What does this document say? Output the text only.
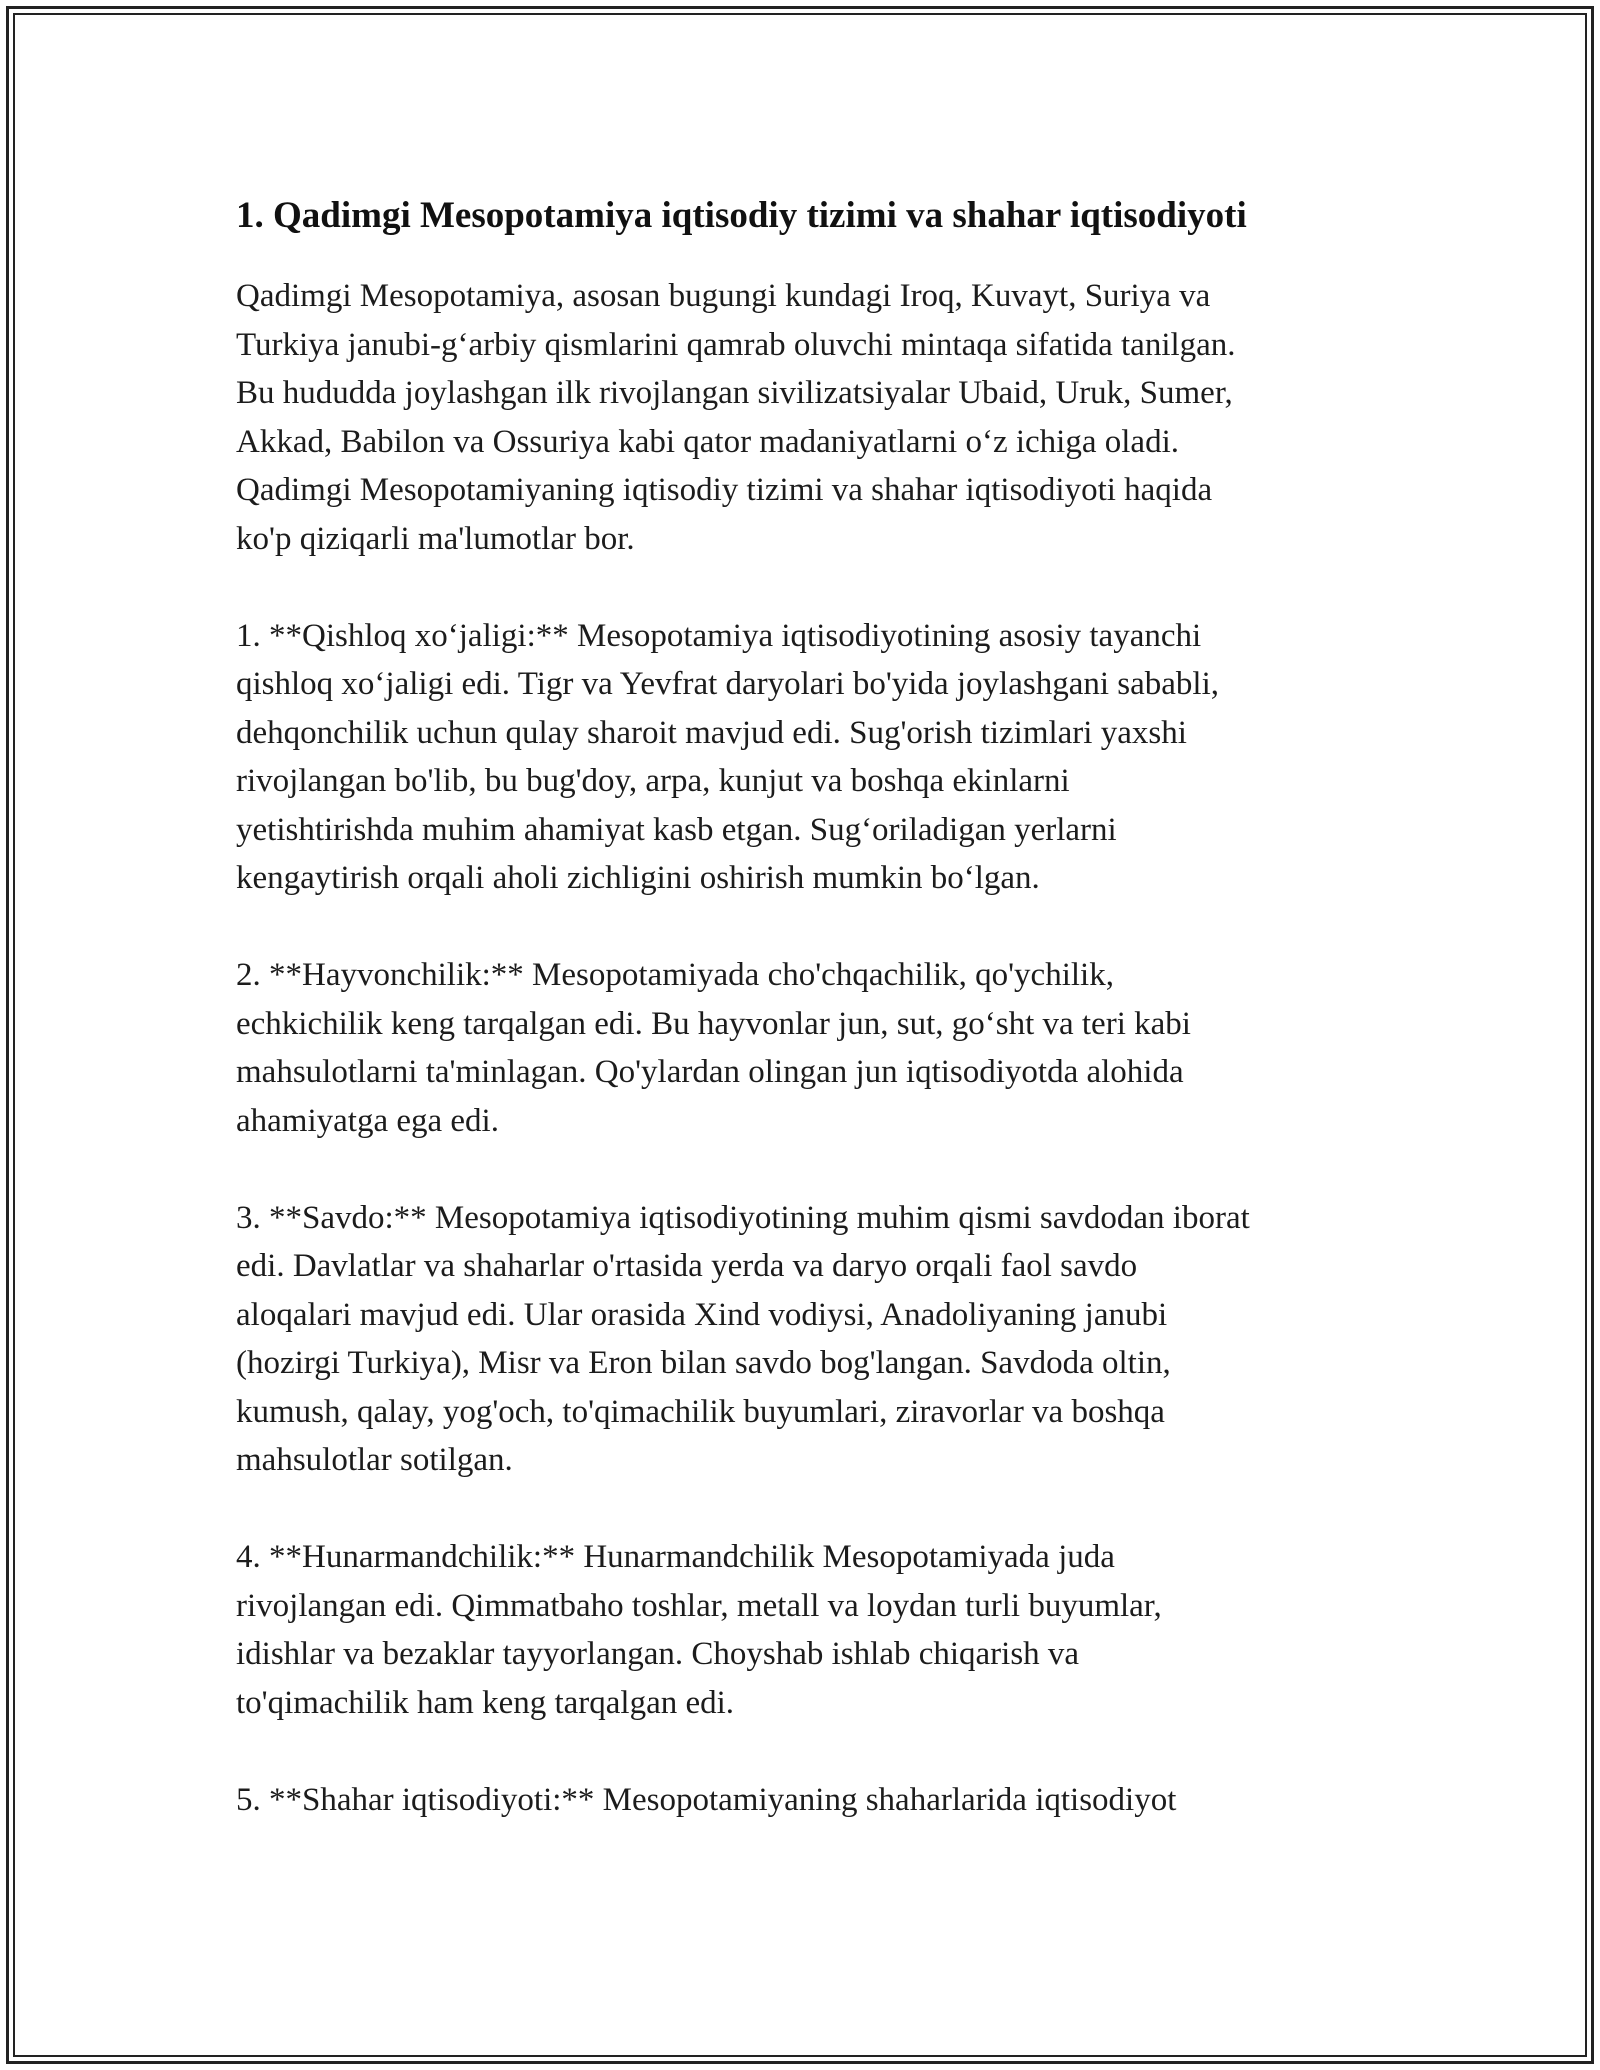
1. Qadimgi Mesopotamiya iqtisodiy tizimi va shahar iqtisodiyoti

Qadimgi Mesopotamiya, asosan bugungi kundagi Iroq, Kuvayt, Suriya va
Turkiya janubi-g‘arbiy qismlarini qamrab oluvchi mintaqa sifatida tanilgan.
Bu hududda joylashgan ilk rivojlangan sivilizatsiyalar Ubaid, Uruk, Sumer,
Akkad, Babilon va Ossuriya kabi qator madaniyatlarni o‘z ichiga oladi.
Qadimgi Mesopotamiyaning iqtisodiy tizimi va shahar iqtisodiyoti haqida
ko'p qiziqarli ma'lumotlar bor.

1. **Qishloq xo‘jaligi:** Mesopotamiya iqtisodiyotining asosiy tayanchi
qishloq xo‘jaligi edi. Tigr va Yevfrat daryolari bo'yida joylashgani sababli,
dehqonchilik uchun qulay sharoit mavjud edi. Sug'orish tizimlari yaxshi
rivojlangan bo'lib, bu bug'doy, arpa, kunjut va boshqa ekinlarni
yetishtirishda muhim ahamiyat kasb etgan. Sug‘oriladigan yerlarni
kengaytirish orqali aholi zichligini oshirish mumkin bo‘lgan.

2. **Hayvonchilik:** Mesopotamiyada cho'chqachilik, qo'ychilik,
echkichilik keng tarqalgan edi. Bu hayvonlar jun, sut, go‘sht va teri kabi
mahsulotlarni ta'minlagan. Qo'ylardan olingan jun iqtisodiyotda alohida
ahamiyatga ega edi.

3. **Savdo:** Mesopotamiya iqtisodiyotining muhim qismi savdodan iborat
edi. Davlatlar va shaharlar o'rtasida yerda va daryo orqali faol savdo
aloqalari mavjud edi. Ular orasida Xind vodiysi, Anadoliyaning janubi
(hozirgi Turkiya), Misr va Eron bilan savdo bog'langan. Savdoda oltin,
kumush, qalay, yog'och, to'qimachilik buyumlari, ziravorlar va boshqa
mahsulotlar sotilgan.

4. **Hunarmandchilik:** Hunarmandchilik Mesopotamiyada juda
rivojlangan edi. Qimmatbaho toshlar, metall va loydan turli buyumlar,
idishlar va bezaklar tayyorlangan. Choyshab ishlab chiqarish va
to'qimachilik ham keng tarqalgan edi.

5. **Shahar iqtisodiyoti:** Mesopotamiyaning shaharlarida iqtisodiyot
